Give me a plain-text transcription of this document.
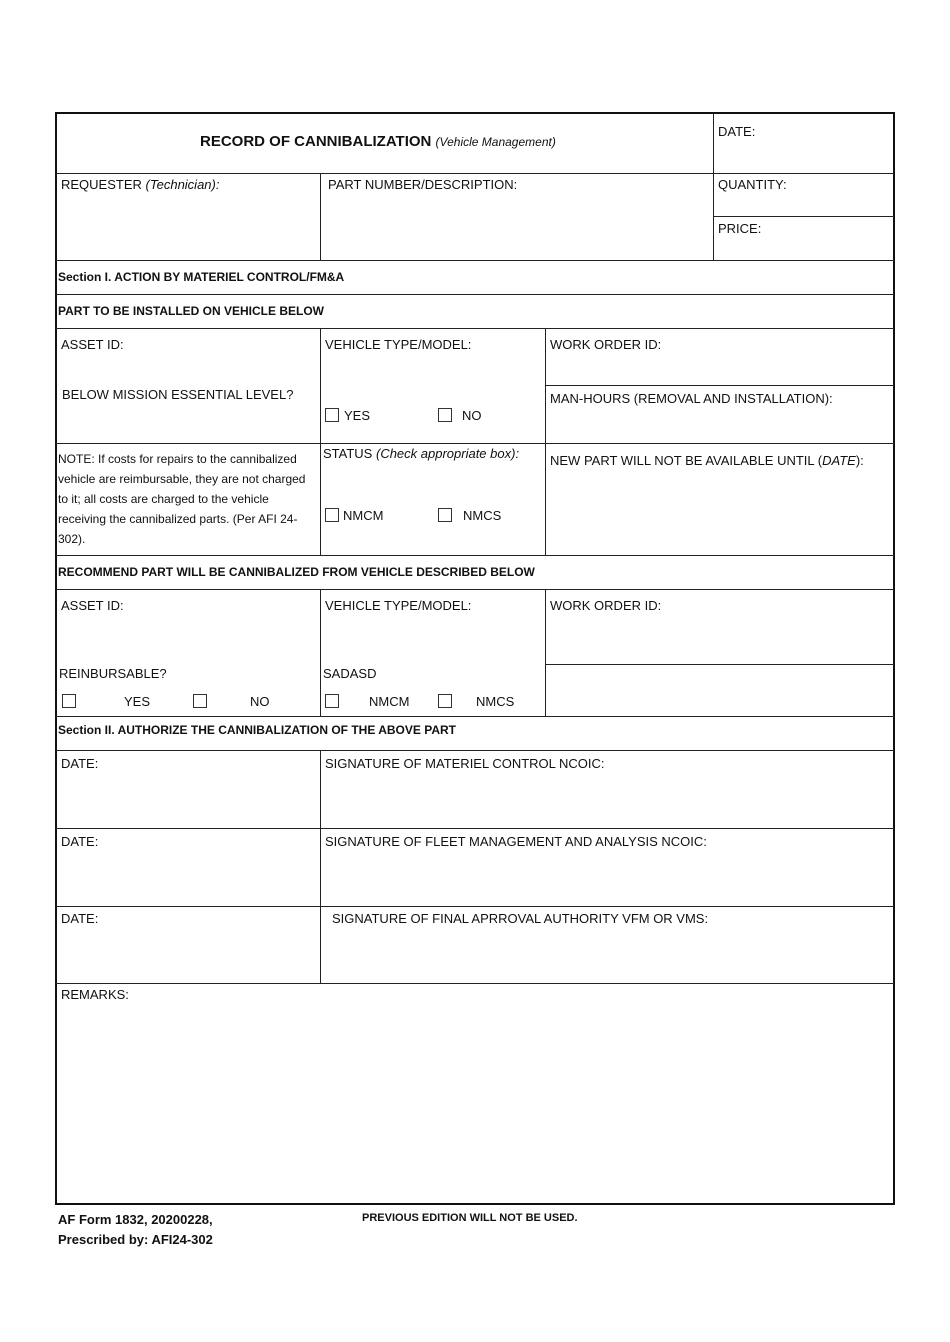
RECORD OF CANNIBALIZATION (Vehicle Management)
DATE:
REQUESTER (Technician):	PART NUMBER/DESCRIPTION:	QUANTITY:
PRICE:
Section I. ACTION BY MATERIEL CONTROL/FM&A
PART TO BE INSTALLED ON VEHICLE BELOW
ASSET ID:	VEHICLE TYPE/MODEL:	WORK ORDER ID:
BELOW MISSION ESSENTIAL LEVEL?
YES	NO
MAN-HOURS (REMOVAL AND INSTALLATION):
NOTE: If costs for repairs to the cannibalized vehicle are reimbursable, they are not charged to it; all costs are charged to the vehicle receiving the cannibalized parts. (Per AFI 24-302).
STATUS (Check appropriate box):
NMCM	NMCS
NEW PART WILL NOT BE AVAILABLE UNTIL (DATE):
RECOMMEND PART WILL BE CANNIBALIZED FROM VEHICLE DESCRIBED BELOW
ASSET ID:	VEHICLE TYPE/MODEL:	WORK ORDER ID:
REINBURSABLE?
YES	NO
SADASD
NMCM	NMCS
Section II. AUTHORIZE THE CANNIBALIZATION OF THE ABOVE PART
DATE:	SIGNATURE OF MATERIEL CONTROL NCOIC:
DATE:	SIGNATURE OF FLEET MANAGEMENT AND ANALYSIS NCOIC:
DATE:	SIGNATURE OF FINAL APRROVAL AUTHORITY VFM OR VMS:
REMARKS:
AF Form 1832, 20200228,
Prescribed by: AFI24-302
PREVIOUS EDITION WILL NOT BE USED.
